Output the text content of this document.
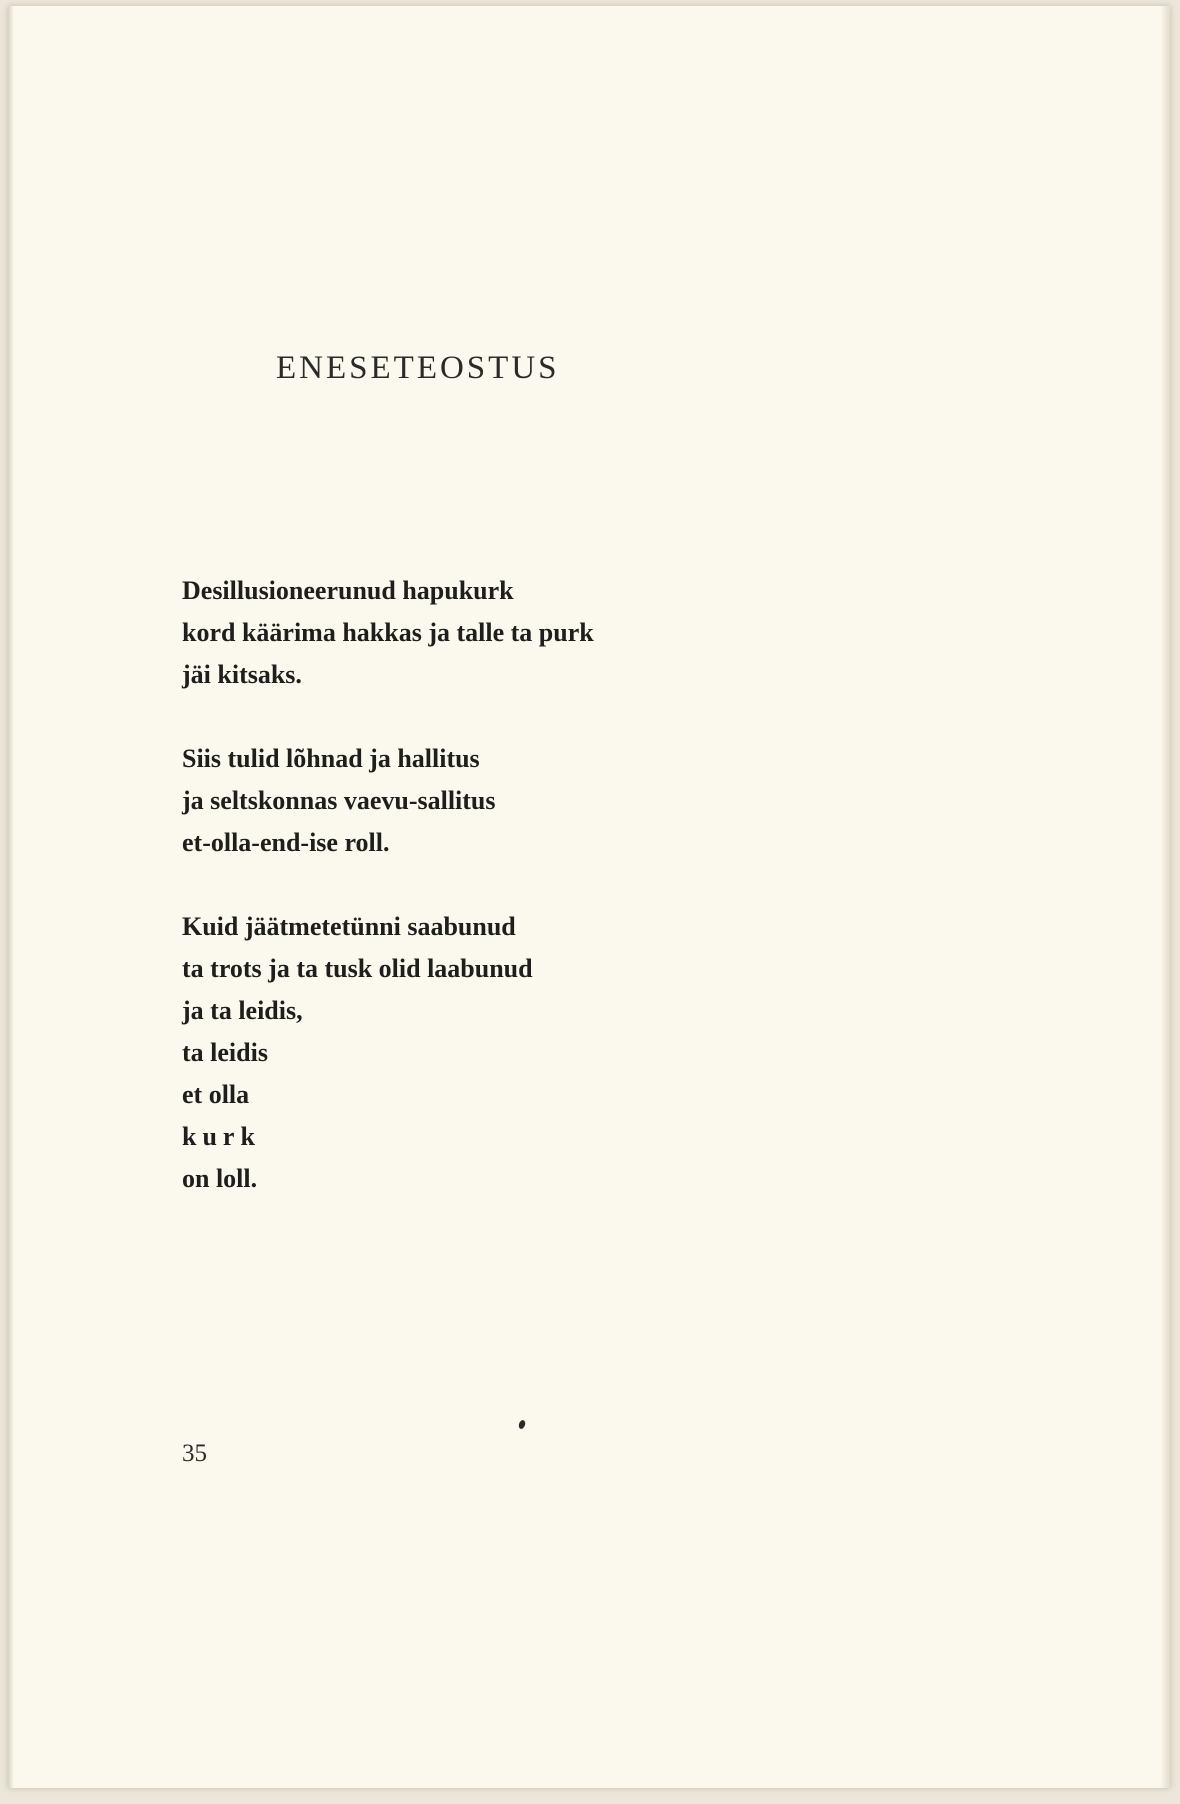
ENESETEOSTUS
Desillusioneerunud hapukurk
kord käärima hakkas ja talle ta purk
jäi kitsaks.
Siis tulid lõhnad ja hallitus
ja seltskonnas vaevu-sallitus
et-olla-end-ise roll.
Kuid jäätmetetünni saabunud
ta trots ja ta tusk olid laabunud
ja ta leidis,
ta leidis
et olla
kurk
on loll.
35
